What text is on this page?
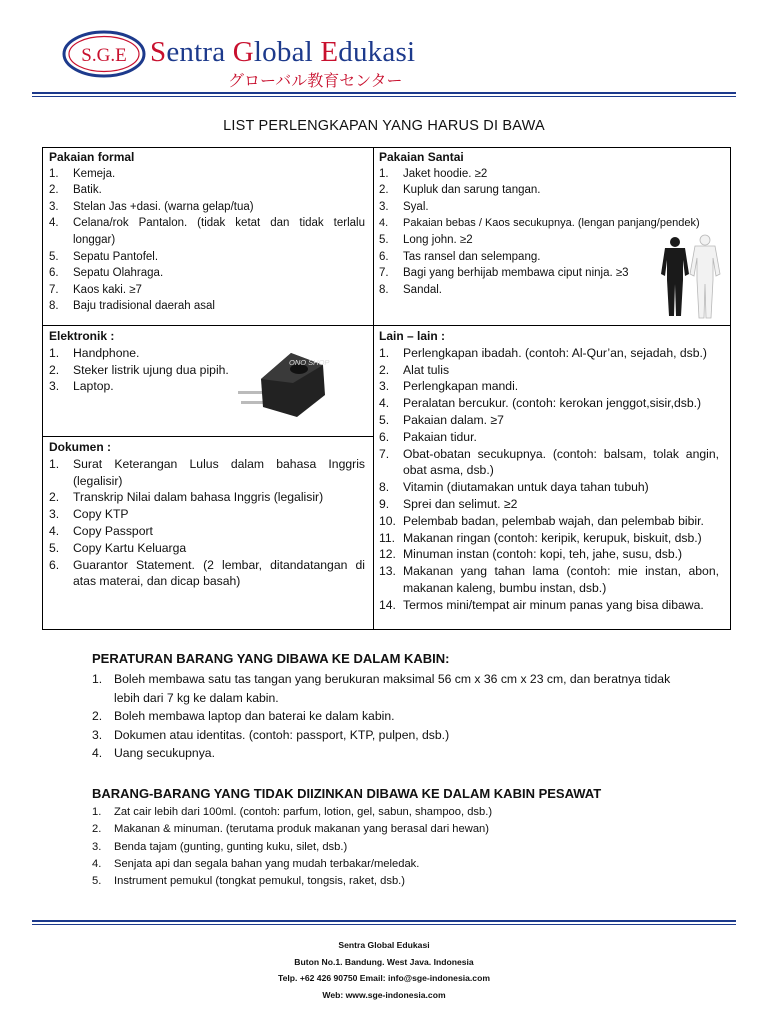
S.G.E Sentra Global Edukasi
グローバル教育センター
LIST PERLENGKAPAN YANG HARUS DI BAWA
Pakaian formal
1. Kemeja.
2. Batik.
3. Stelan Jas +dasi. (warna gelap/tua)
4. Celana/rok Pantalon. (tidak ketat dan tidak terlalu longgar)
5. Sepatu Pantofel.
6. Sepatu Olahraga.
7. Kaos kaki. ≥7
8. Baju tradisional daerah asal
Pakaian Santai
1. Jaket hoodie. ≥2
2. Kupluk dan sarung tangan.
3. Syal.
4. Pakaian bebas / Kaos secukupnya. (lengan panjang/pendek)
5. Long john. ≥2
6. Tas ransel dan selempang.
7. Bagi yang berhijab membawa ciput ninja. ≥3
8. Sandal.
Elektronik :
1. Handphone.
2. Steker listrik ujung dua pipih.
3. Laptop.
ONO SHOP
Dokumen :
1. Surat Keterangan Lulus dalam bahasa Inggris (legalisir)
2. Transkrip Nilai dalam bahasa Inggris (legalisir)
3. Copy KTP
4. Copy Passport
5. Copy Kartu Keluarga
6. Guarantor Statement. (2 lembar, ditandatangan di atas materai, dan dicap basah)
Lain – lain :
1. Perlengkapan ibadah. (contoh: Al-Qur’an, sejadah, dsb.)
2. Alat tulis
3. Perlengkapan mandi.
4. Peralatan bercukur. (contoh: kerokan jenggot,sisir,dsb.)
5. Pakaian dalam. ≥7
6. Pakaian tidur.
7. Obat-obatan secukupnya. (contoh: balsam, tolak angin, obat asma, dsb.)
8. Vitamin (diutamakan untuk daya tahan tubuh)
9. Sprei dan selimut. ≥2
10. Pelembab badan, pelembab wajah, dan pelembab bibir.
11. Makanan ringan (contoh: keripik, kerupuk, biskuit, dsb.)
12. Minuman instan (contoh: kopi, teh, jahe, susu, dsb.)
13. Makanan yang tahan lama (contoh: mie instan, abon, makanan kaleng, bumbu instan, dsb.)
14. Termos mini/tempat air minum panas yang bisa dibawa.
PERATURAN BARANG YANG DIBAWA KE DALAM KABIN:
1. Boleh membawa satu tas tangan yang berukuran maksimal 56 cm x 36 cm x 23 cm, dan beratnya tidak lebih dari 7 kg ke dalam kabin.
2. Boleh membawa laptop dan baterai ke dalam kabin.
3. Dokumen atau identitas. (contoh: passport, KTP, pulpen, dsb.)
4. Uang secukupnya.
BARANG-BARANG YANG TIDAK DIIZINKAN DIBAWA KE DALAM KABIN PESAWAT
1. Zat cair lebih dari 100ml. (contoh: parfum, lotion, gel, sabun, shampoo, dsb.)
2. Makanan & minuman. (terutama produk makanan yang berasal dari hewan)
3. Benda tajam (gunting, gunting kuku, silet, dsb.)
4. Senjata api dan segala bahan yang mudah terbakar/meledak.
5. Instrument pemukul (tongkat pemukul, tongsis, raket, dsb.)
Sentra Global Edukasi
Buton No.1. Bandung. West Java. Indonesia
Telp. +62 426 90750 Email: info@sge-indonesia.com
Web: www.sge-indonesia.com
